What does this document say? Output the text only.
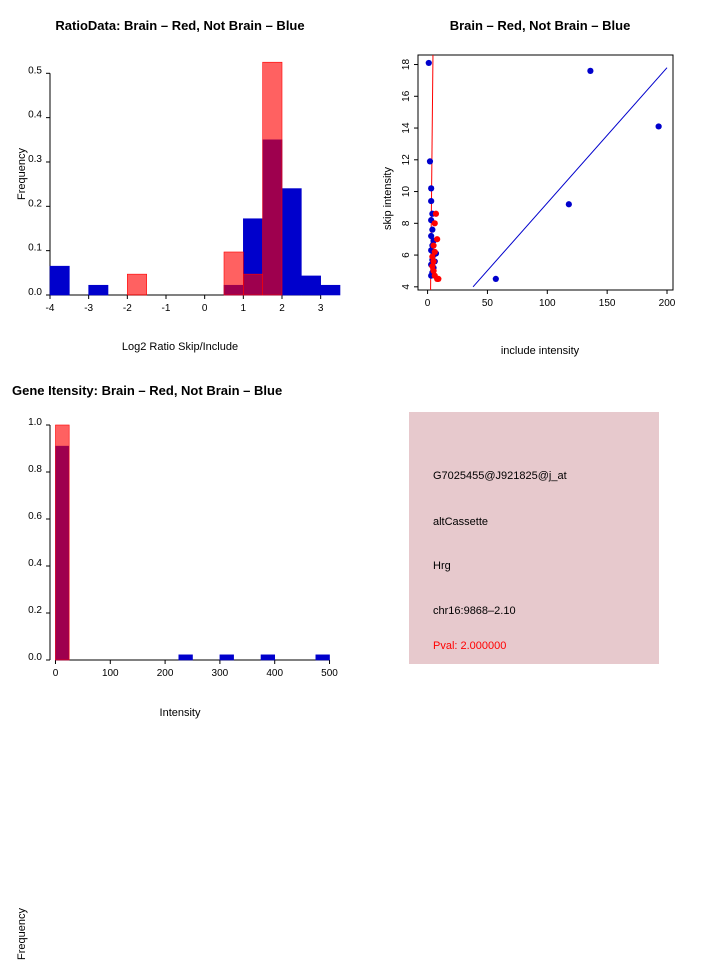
RatioData: Brain – Red, Not Brain – Blue
-4	-3	-2	-1	0	1	2	3
0.0
0.1
0.2
0.3
0.4
0.5
Log2 Ratio Skip/Include
Frequency
Brain – Red, Not Brain – Blue
0	50	100	150	200
4
6
8
10
12
14
16
18
include intensity
skip intensity
Gene Itensity: Brain – Red, Not Brain – Blue
0	100	200	300	400	500
0.0
0.2
0.4
0.6
0.8
1.0
Intensity
Frequency
G7025455@J921825@j_at
altCassette
Hrg
chr16:9868–2.10
Pval: 2.000000
